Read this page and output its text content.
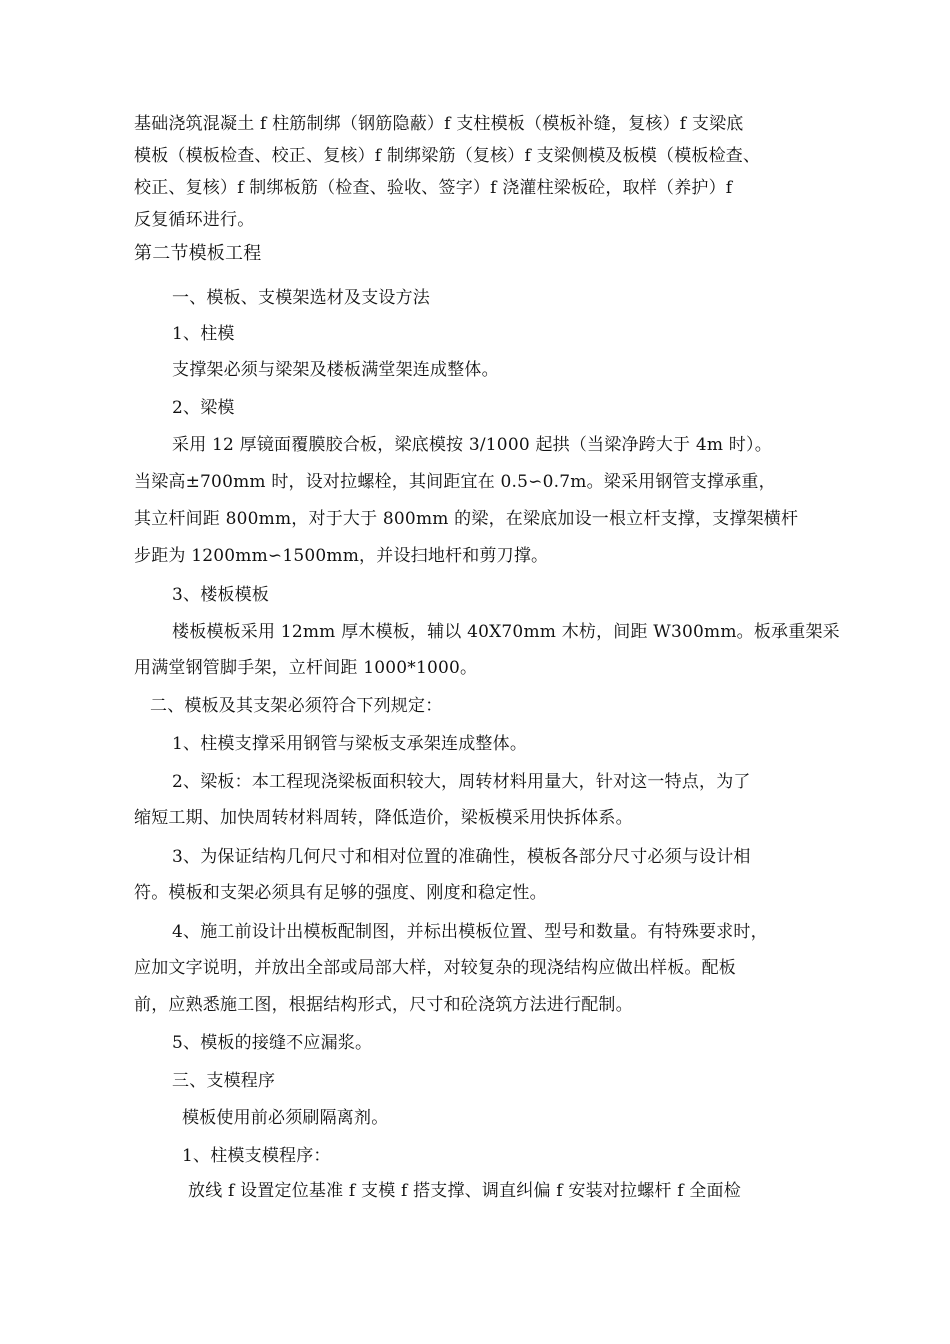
基础浇筑混凝土 f 柱筋制绑（钢筋隐蔽）f 支柱模板（模板补缝，复核）f 支梁底
模板（模板检查、校正、复核）f 制绑梁筋（复核）f 支梁侧模及板模（模板检查、
校正、复核）f 制绑板筋（检查、验收、签字）f 浇灌柱梁板砼，取样（养护）f
反复循环进行。
第二节模板工程
一、模板、支模架选材及支设方法
1、柱模
支撑架必须与梁架及楼板满堂架连成整体。
2、梁模
采用 12 厚镜面覆膜胶合板，梁底模按 3/1000 起拱（当梁净跨大于 4m 时）。
当梁高±700mm 时，设对拉螺栓，其间距宜在 0.5∽0.7m。梁采用钢管支撑承重，
其立杆间距 800mm，对于大于 800mm 的梁，在梁底加设一根立杆支撑，支撑架横杆
步距为 1200mm∽1500mm，并设扫地杆和剪刀撑。
3、楼板模板
楼板模板采用 12mm 厚木模板，辅以 40X70mm 木枋，间距 W300mm。板承重架采
用满堂钢管脚手架，立杆间距 1000*1000。
二、模板及其支架必须符合下列规定：
1、柱模支撑采用钢管与梁板支承架连成整体。
2、梁板：本工程现浇梁板面积较大，周转材料用量大，针对这一特点，为了
缩短工期、加快周转材料周转，降低造价，梁板模采用快拆体系。
3、为保证结构几何尺寸和相对位置的准确性，模板各部分尺寸必须与设计相
符。模板和支架必须具有足够的强度、刚度和稳定性。
4、施工前设计出模板配制图，并标出模板位置、型号和数量。有特殊要求时，
应加文字说明，并放出全部或局部大样，对较复杂的现浇结构应做出样板。配板
前，应熟悉施工图，根据结构形式，尺寸和砼浇筑方法进行配制。
5、模板的接缝不应漏浆。
三、支模程序
模板使用前必须刷隔离剂。
1、柱模支模程序：
放线 f 设置定位基准 f 支模 f 搭支撑、调直纠偏 f 安装对拉螺杆 f 全面检
